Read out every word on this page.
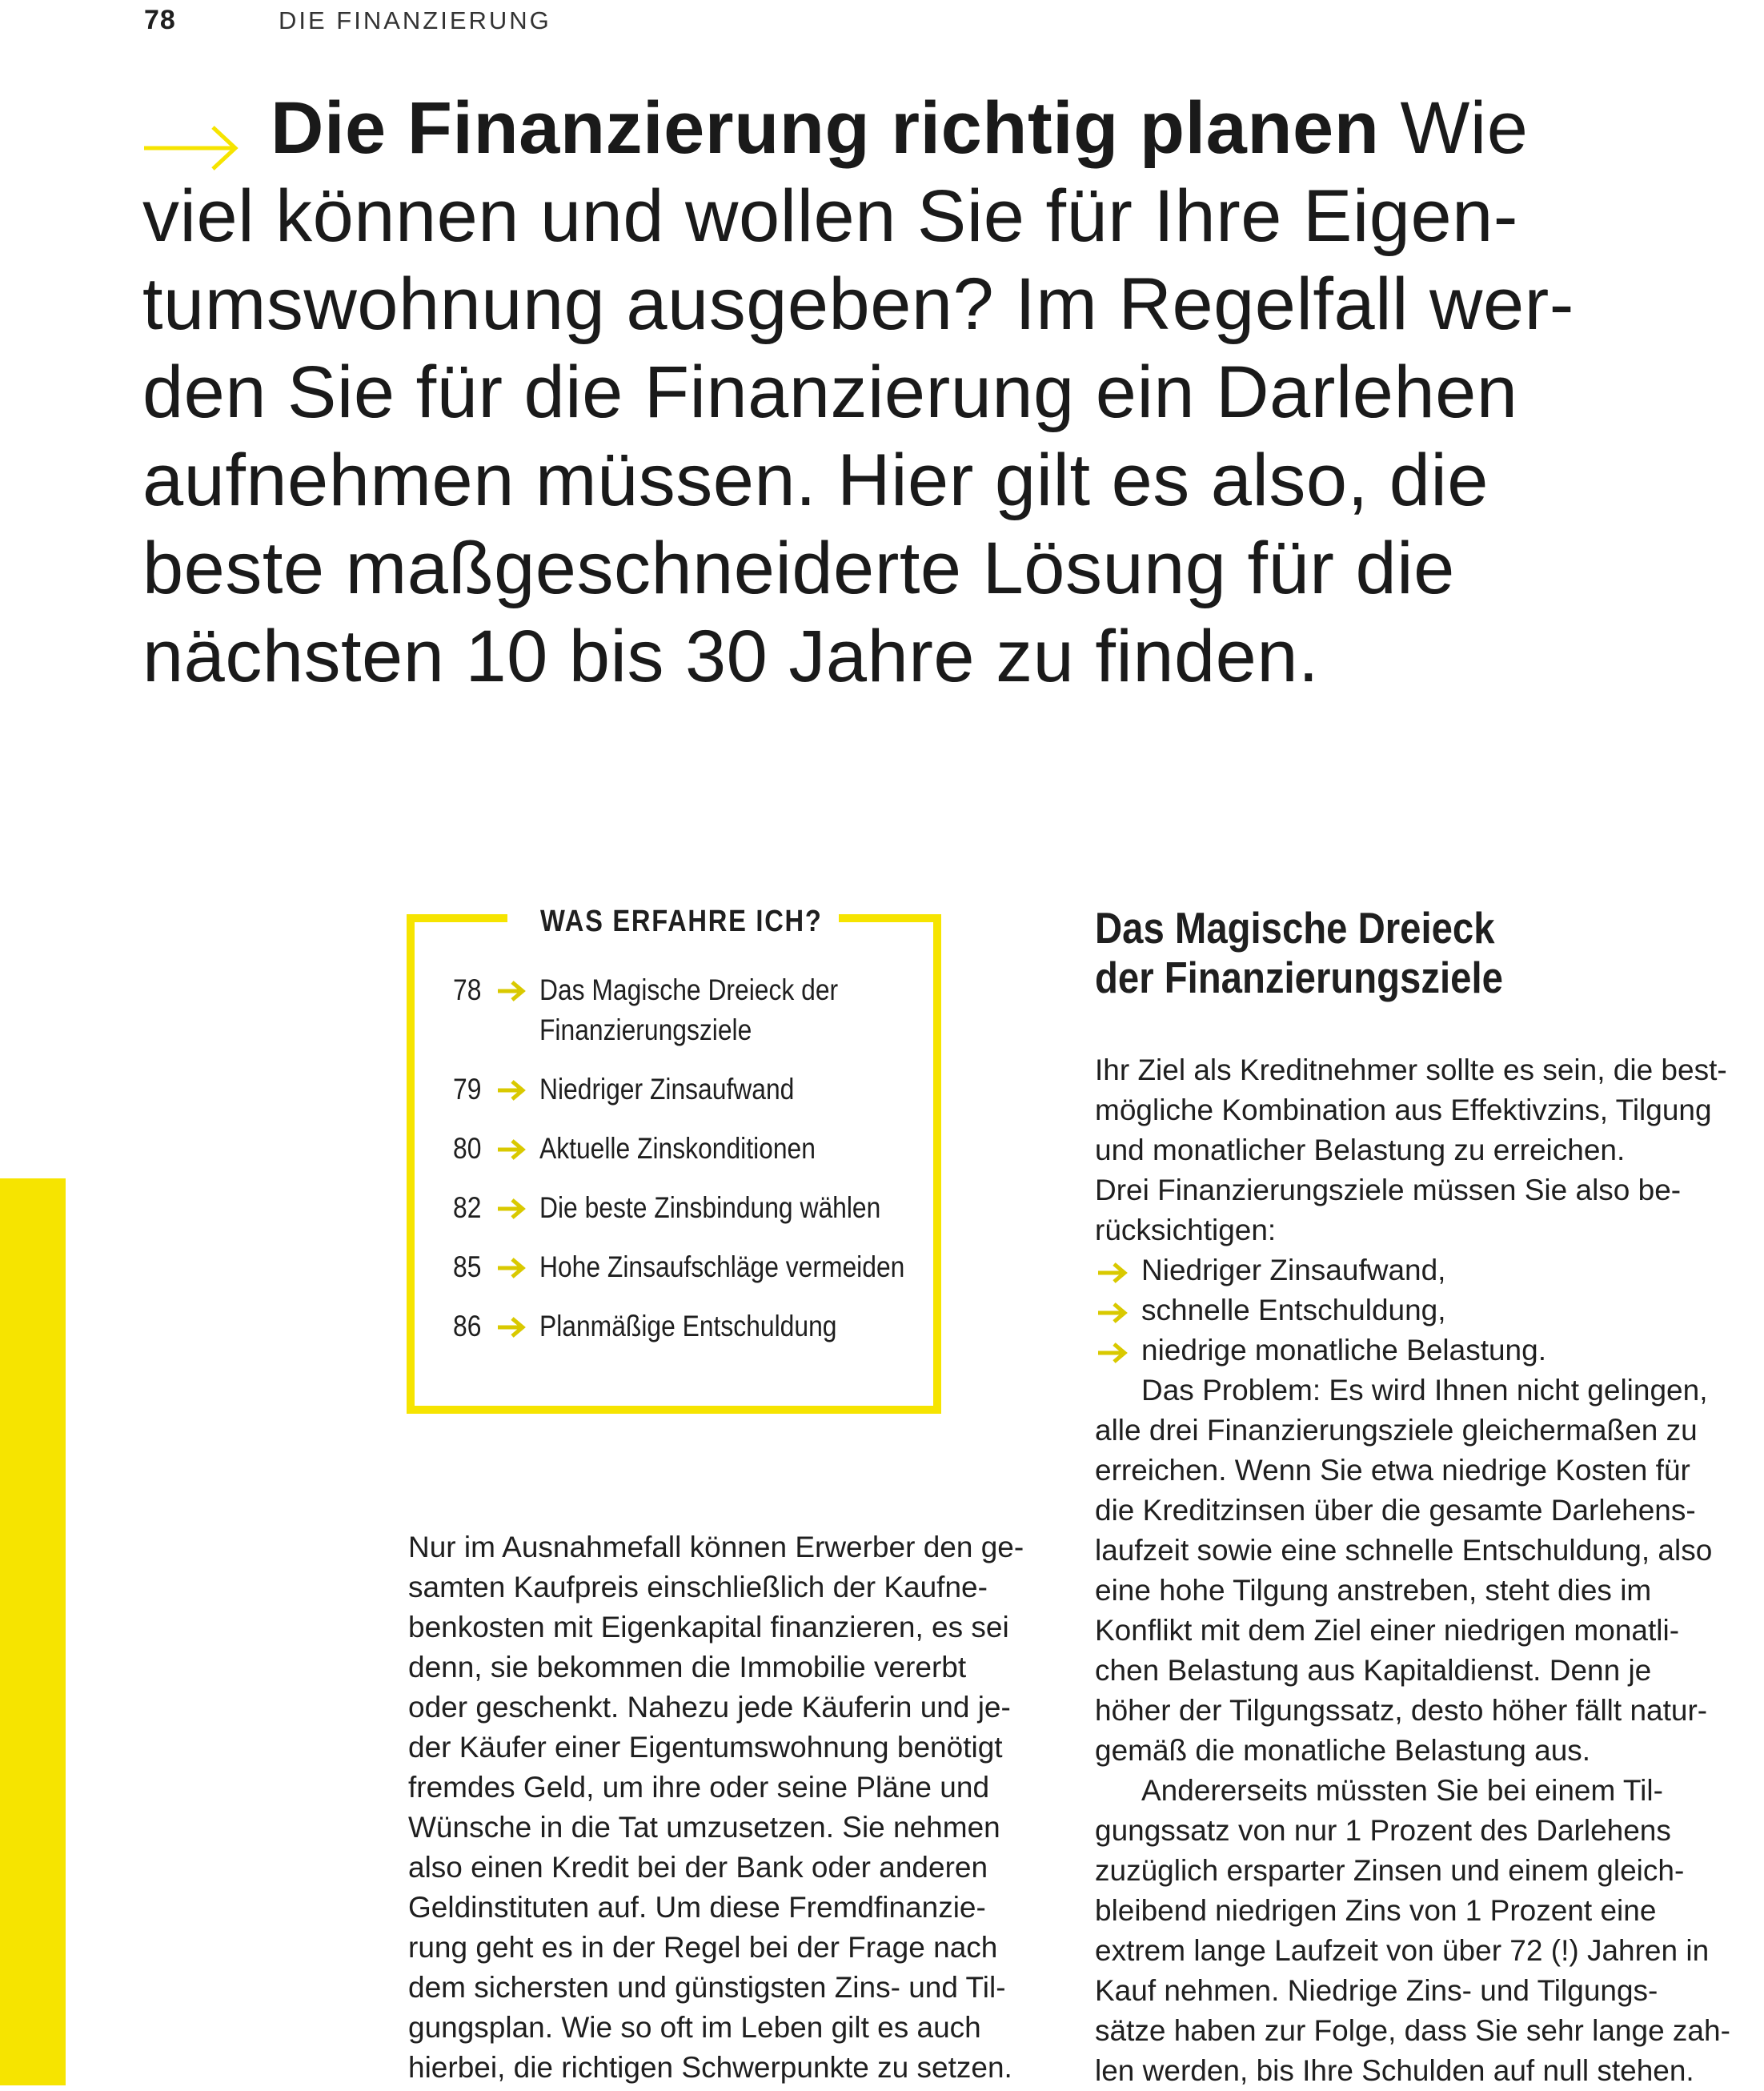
78	DIE FINANZIERUNG
Die Finanzierung richtig planen Wie
viel können und wollen Sie für Ihre Eigen-
tumswohnung ausgeben? Im Regelfall wer-
den Sie für die Finanzierung ein Darlehen
aufnehmen müssen. Hier gilt es also, die
beste maßgeschneiderte Lösung für die
nächsten 10 bis 30 Jahre zu finden.
WAS ERFAHRE ICH?
78 Das Magische Dreieck der
Finanzierungsziele
79 Niedriger Zinsaufwand
80 Aktuelle Zinskonditionen
82 Die beste Zinsbindung wählen
85 Hohe Zinsaufschläge vermeiden
86 Planmäßige Entschuldung
Nur im Ausnahmefall können Erwerber den ge-
samten Kaufpreis einschließlich der Kaufne-
benkosten mit Eigenkapital finanzieren, es sei
denn, sie bekommen die Immobilie vererbt
oder geschenkt. Nahezu jede Käuferin und je-
der Käufer einer Eigentumswohnung benötigt
fremdes Geld, um ihre oder seine Pläne und
Wünsche in die Tat umzusetzen. Sie nehmen
also einen Kredit bei der Bank oder anderen
Geldinstituten auf. Um diese Fremdfinanzie-
rung geht es in der Regel bei der Frage nach
dem sichersten und günstigsten Zins- und Til-
gungsplan. Wie so oft im Leben gilt es auch
hierbei, die richtigen Schwerpunkte zu setzen.
Das Magische Dreieck
der Finanzierungsziele
Ihr Ziel als Kreditnehmer sollte es sein, die best-
mögliche Kombination aus Effektivzins, Tilgung
und monatlicher Belastung zu erreichen.
Drei Finanzierungsziele müssen Sie also be-
rücksichtigen:
Niedriger Zinsaufwand,
schnelle Entschuldung,
niedrige monatliche Belastung.
Das Problem: Es wird Ihnen nicht gelingen,
alle drei Finanzierungsziele gleichermaßen zu
erreichen. Wenn Sie etwa niedrige Kosten für
die Kreditzinsen über die gesamte Darlehens-
laufzeit sowie eine schnelle Entschuldung, also
eine hohe Tilgung anstreben, steht dies im
Konflikt mit dem Ziel einer niedrigen monatli-
chen Belastung aus Kapitaldienst. Denn je
höher der Tilgungssatz, desto höher fällt natur-
gemäß die monatliche Belastung aus.
Andererseits müssten Sie bei einem Til-
gungssatz von nur 1 Prozent des Darlehens
zuzüglich ersparter Zinsen und einem gleich-
bleibend niedrigen Zins von 1 Prozent eine
extrem lange Laufzeit von über 72 (!) Jahren in
Kauf nehmen. Niedrige Zins- und Tilgungs-
sätze haben zur Folge, dass Sie sehr lange zah-
len werden, bis Ihre Schulden auf null stehen.
